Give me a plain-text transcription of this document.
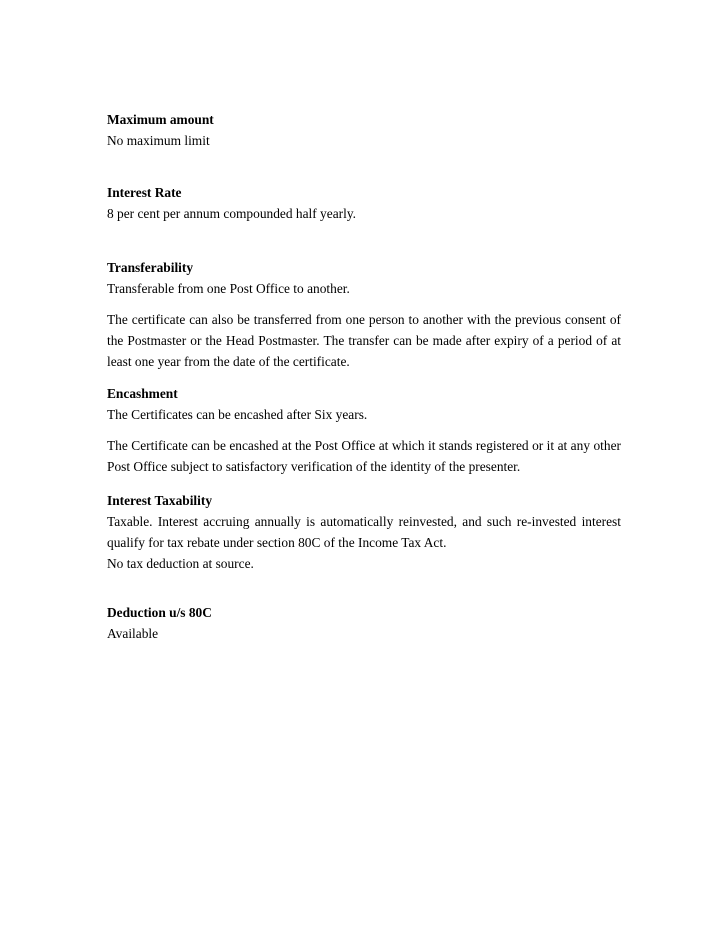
Maximum amount

No maximum limit

Interest Rate

8 per cent per annum compounded half yearly.

Transferability

Transferable from one Post Office to another.

The certificate can also be transferred from one person to another with the previous consent of the Postmaster or the Head Postmaster. The transfer can be made after expiry of a period of at least one year from the date of the certificate.

Encashment

The Certificates can be encashed after Six years.

The Certificate can be encashed at the Post Office at which it stands registered or it at any other Post Office subject to satisfactory verification of the identity of the presenter.

Interest Taxability

Taxable. Interest accruing annually is automatically reinvested, and such re-invested interest qualify for tax rebate under section 80C of the Income Tax Act.

No tax deduction at source.

Deduction u/s 80C

Available
